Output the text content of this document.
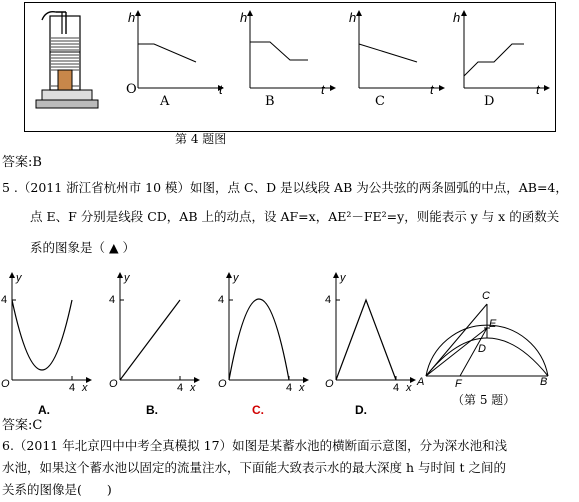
h
t
O
A
h
t
B
h
t
C
h
t
D
第 4 题图
答案:B
5 .（2011 浙江省杭州市 10 模）如图，点 C、D 是以线段 AB 为公共弦的两条圆弧的中点，AB=4，
点 E、F 分别是线段 CD，AB 上的动点，设 AF=x，AE²－FE²=y，则能表示 y 与 x 的函数关
系的图象是（ ▲ ）
y
4
O	4 x
A.
y
4
O	4 x
B.
y
4
O	4 x
C.
y
4
O	4 x
D.
C
E
D
A	F	B
（第 5 题）
答案:C
6.（2011 年北京四中中考全真模拟 17）如图是某蓄水池的横断面示意图，分为深水池和浅
水池，如果这个蓄水池以固定的流量注水，下面能大致表示水的最大深度 h 与时间 t 之间的
关系的图像是(　　)
